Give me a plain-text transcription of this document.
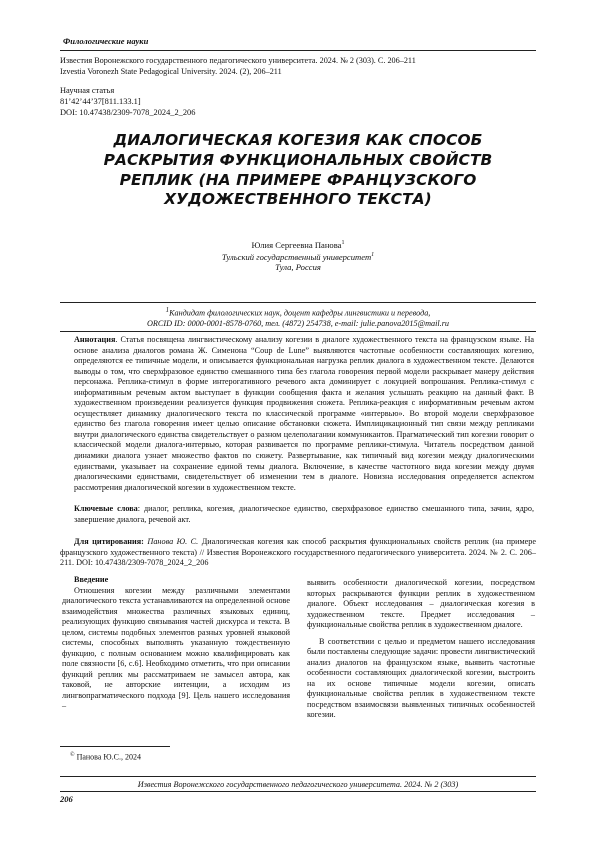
Филологические науки
Известия Воронежского государственного педагогического университета. 2024. № 2 (303). С. 206–211
Izvestia Voronezh State Pedagogical University. 2024. (2), 206–211
Научная статья
81’42’44’37[811.133.1]
DOI: 10.47438/2309-7078_2024_2_206
ДИАЛОГИЧЕСКАЯ КОГЕЗИЯ КАК СПОСОБ
РАСКРЫТИЯ ФУНКЦИОНАЛЬНЫХ СВОЙСТВ
РЕПЛИК (НА ПРИМЕРЕ ФРАНЦУЗСКОГО
ХУДОЖЕСТВЕННОГО ТЕКСТА)
Юлия Сергеевна Панова1
Тульский государственный университет1
Тула, Россия
1Кандидат филологических наук, доцент кафедры лингвистики и перевода,
ORCID ID: 0000-0001-8578-0760, тел. (4872) 254738, e-mail: julie.panova2015@mail.ru
Аннотация. Статья посвящена лингвистическому анализу когезии в диалоге художественного текста на французском языке. На основе анализа диалогов романа Ж. Сименона “Coup de Lune” выявляются частотные особенности составляющих когезию, определяются ее типичные модели, и описывается функциональная нагрузка реплик диалога в художественном тексте. Делаются выводы о том, что сверхфразовое единство смешанного типа без глагола говорения первой модели раскрывает манеру действия персонажа. Реплика-стимул в форме интерогативного речевого акта доминирует с локуцией вопрошания. Реплика-стимул с информативным речевым актом выступает в функции сообщения факта и желания услышать реакцию на данный факт. В художественном произведении реализуется функция продвижения сюжета. Реплика-реакция с информативным речевым актом осуществляет динамику диалогического текста по классической программе «интервью». Во второй модели сверхфразовое единство без глагола говорения имеет целью описание обстановки сюжета. Имплицикационный тип связи между репликами внутри диалогического единства свидетельствует о разном целеполагании коммуникантов. Прагматический тип когезии говорит о классической модели диалога-интервью, которая развивается по программе реплики-стимула. Читатель посредством данной динамики диалога узнает множество фактов по сюжету. Развертывание, как типичный вид когезии между диалогическими единствами, указывает на сохранение единой темы диалога. Включение, в качестве частотного вида когезии между двумя диалогическими единствами, свидетельствует об изменении тем в диалоге. Новизна исследования определяется аспектом рассмотрения диалогической когезии в художественном тексте.
Ключевые слова: диалог, реплика, когезия, диалогическое единство, сверхфразовое единство смешанного типа, зачин, ядро, завершение диалога, речевой акт.
Для цитирования: Панова Ю. С. Диалогическая когезия как способ раскрытия функциональных свойств реплик (на примере французского художественного текста) // Известия Воронежского государственного педагогического университета. 2024. № 2. С. 206–211. DOI: 10.47438/2309-7078_2024_2_206

Введение

Отношения когезии между различными элементами диалогического текста устанавливаются на определенной основе взаимодействия множества различных языковых единиц, реализующих функцию связывания частей дискурса и текста. В целом, системы подобных элементов разных уровней языковой системы, способных выполнять указанную тождественную функцию, с полным основанием можно квалифицировать как поле связности [6, с.6]. Необходимо отметить, что при описании функций реплик мы рассматриваем не замысел автора, как таковой, не авторские интенции, а исходим из лингвопрагматического подхода [9]. Цель нашего исследования –

выявить особенности диалогической когезии, посредством которых раскрываются функции реплик в художественном диалоге. Объект исследования – диалогическая когезия в художественном тексте. Предмет исследования – функциональные свойства реплик в художественном диалоге.

В соответствии с целью и предметом нашего исследования были поставлены следующие задачи: провести лингвистический анализ диалогов на французском языке, выявить частотные особенности составляющих диалогической когезии, выстроить на их основе типичные модели когезии, описать функциональные свойства реплик в художественном тексте посредством взаимосвязи выявленных типичных особенностей когезии.

© Панова Ю.С., 2024
Известия Воронежского государственного педагогического университета. 2024. № 2 (303)
206
